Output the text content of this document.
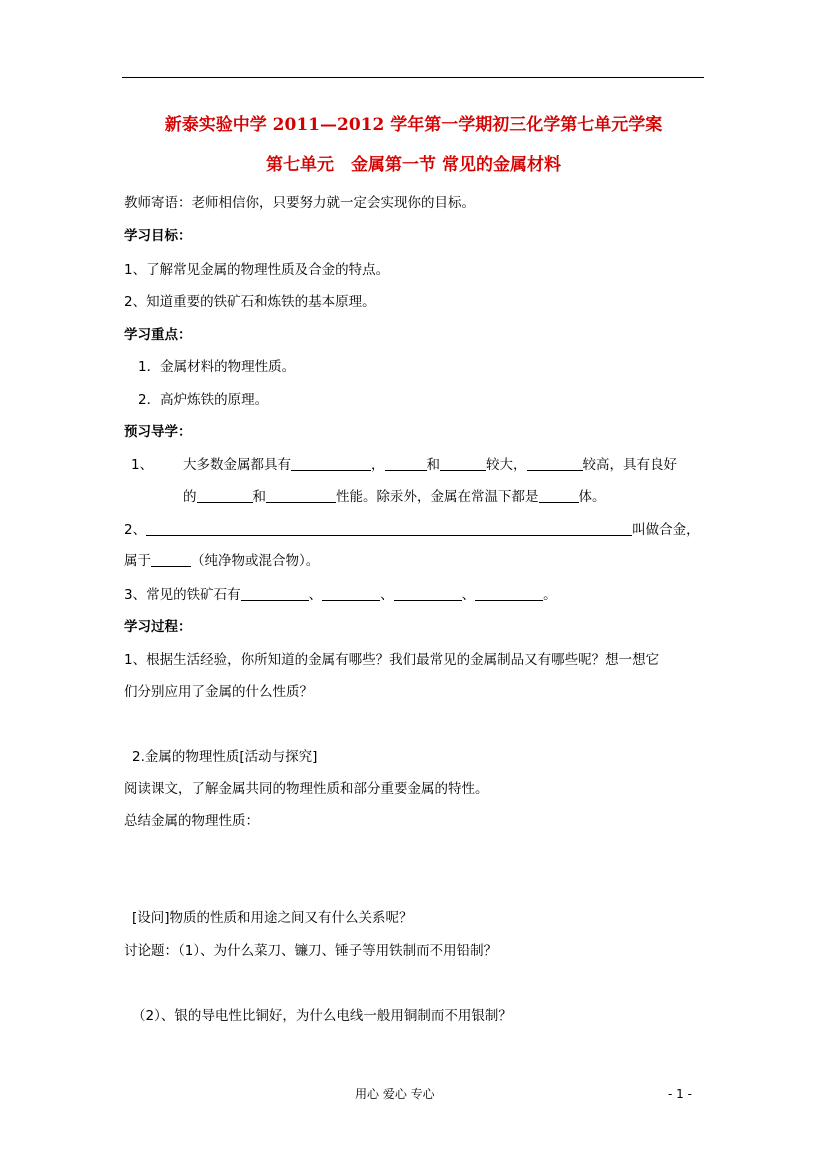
新泰实验中学 2011—2012 学年第一学期初三化学第七单元学案
第七单元　金属第一节 常见的金属材料
教师寄语：老师相信你，只要努力就一定会实现你的目标。
学习目标：
1、了解常见金属的物理性质及合金的特点。
2、知道重要的铁矿石和炼铁的基本原理。
学习重点：
1．金属材料的物理性质。
2．高炉炼铁的原理。
预习导学：
1、 大多数金属都具有	，	和	较大，	较高，具有良好
的	和	性能。除汞外，金属在常温下都是	体。
2、	叫做合金，
属于	（纯净物或混合物）。
3、常见的铁矿石有	、	、	、	。
学习过程：
1、根据生活经验，你所知道的金属有哪些？我们最常见的金属制品又有哪些呢？想一想它
们分别应用了金属的什么性质？
2.金属的物理性质[活动与探究]
阅读课文，了解金属共同的物理性质和部分重要金属的特性。
总结金属的物理性质：
[设问]物质的性质和用途之间又有什么关系呢？
讨论题：（1）、为什么菜刀、镰刀、锤子等用铁制而不用铅制？
（2）、银的导电性比铜好，为什么电线一般用铜制而不用银制？
用心 爱心 专心	- 1 -
